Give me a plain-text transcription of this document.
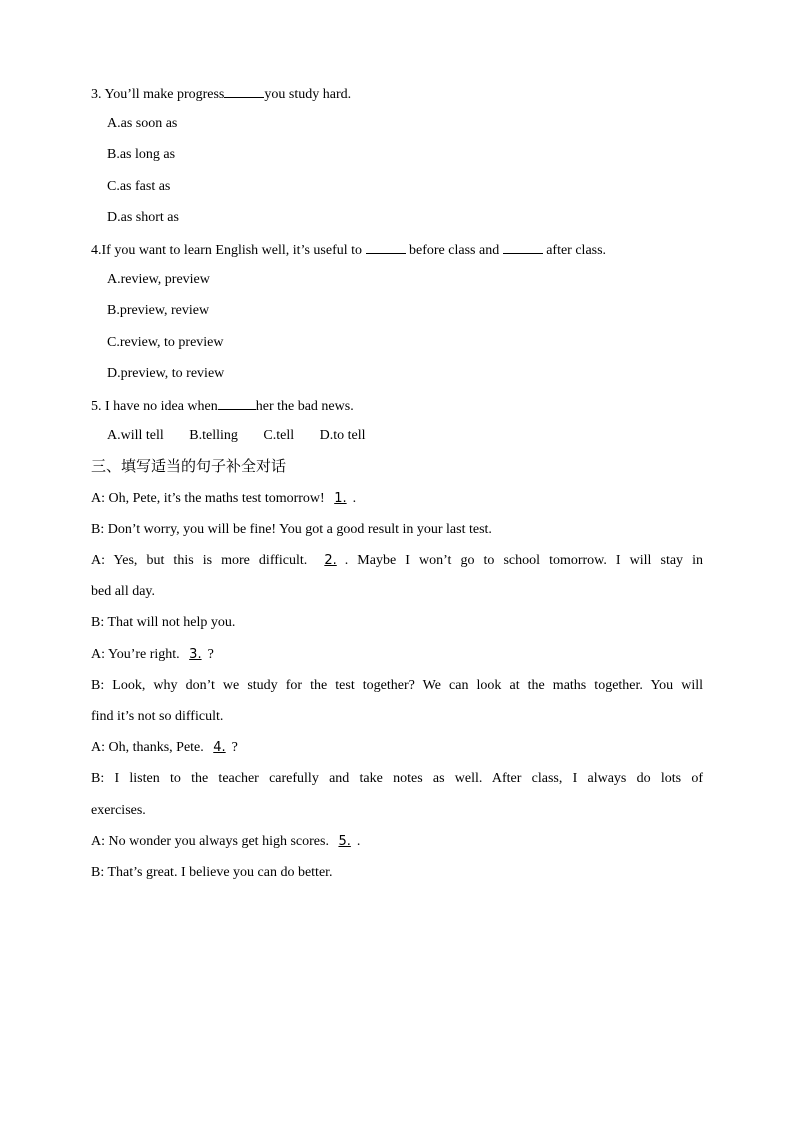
3. You’ll make progress	you study hard.
A.as soon as
B.as long as
C.as fast as
D.as short as
4.If you want to learn English well, it’s useful to	before class and	after class.
A.review, preview
B.preview, review
C.review, to preview
D.preview, to review
5. I have no idea when	her the bad news.
A.will tell B.telling C.tell D.to tell
三、填写适当的句子补全对话
A: Oh, Pete, it’s the maths test tomorrow! 1. .
B: Don’t worry, you will be fine! You got a good result in your last test.
A: Yes, but this is more difficult. 2. . Maybe I won’t go to school tomorrow. I will stay in
bed all day.
B: That will not help you.
A: You’re right. 3. ?
B: Look, why don’t we study for the test together? We can look at the maths together. You will
find it’s not so difficult.
A: Oh, thanks, Pete. 4. ?
B: I listen to the teacher carefully and take notes as well. After class, I always do lots of
exercises.
A: No wonder you always get high scores. 5. .
B: That’s great. I believe you can do better.
